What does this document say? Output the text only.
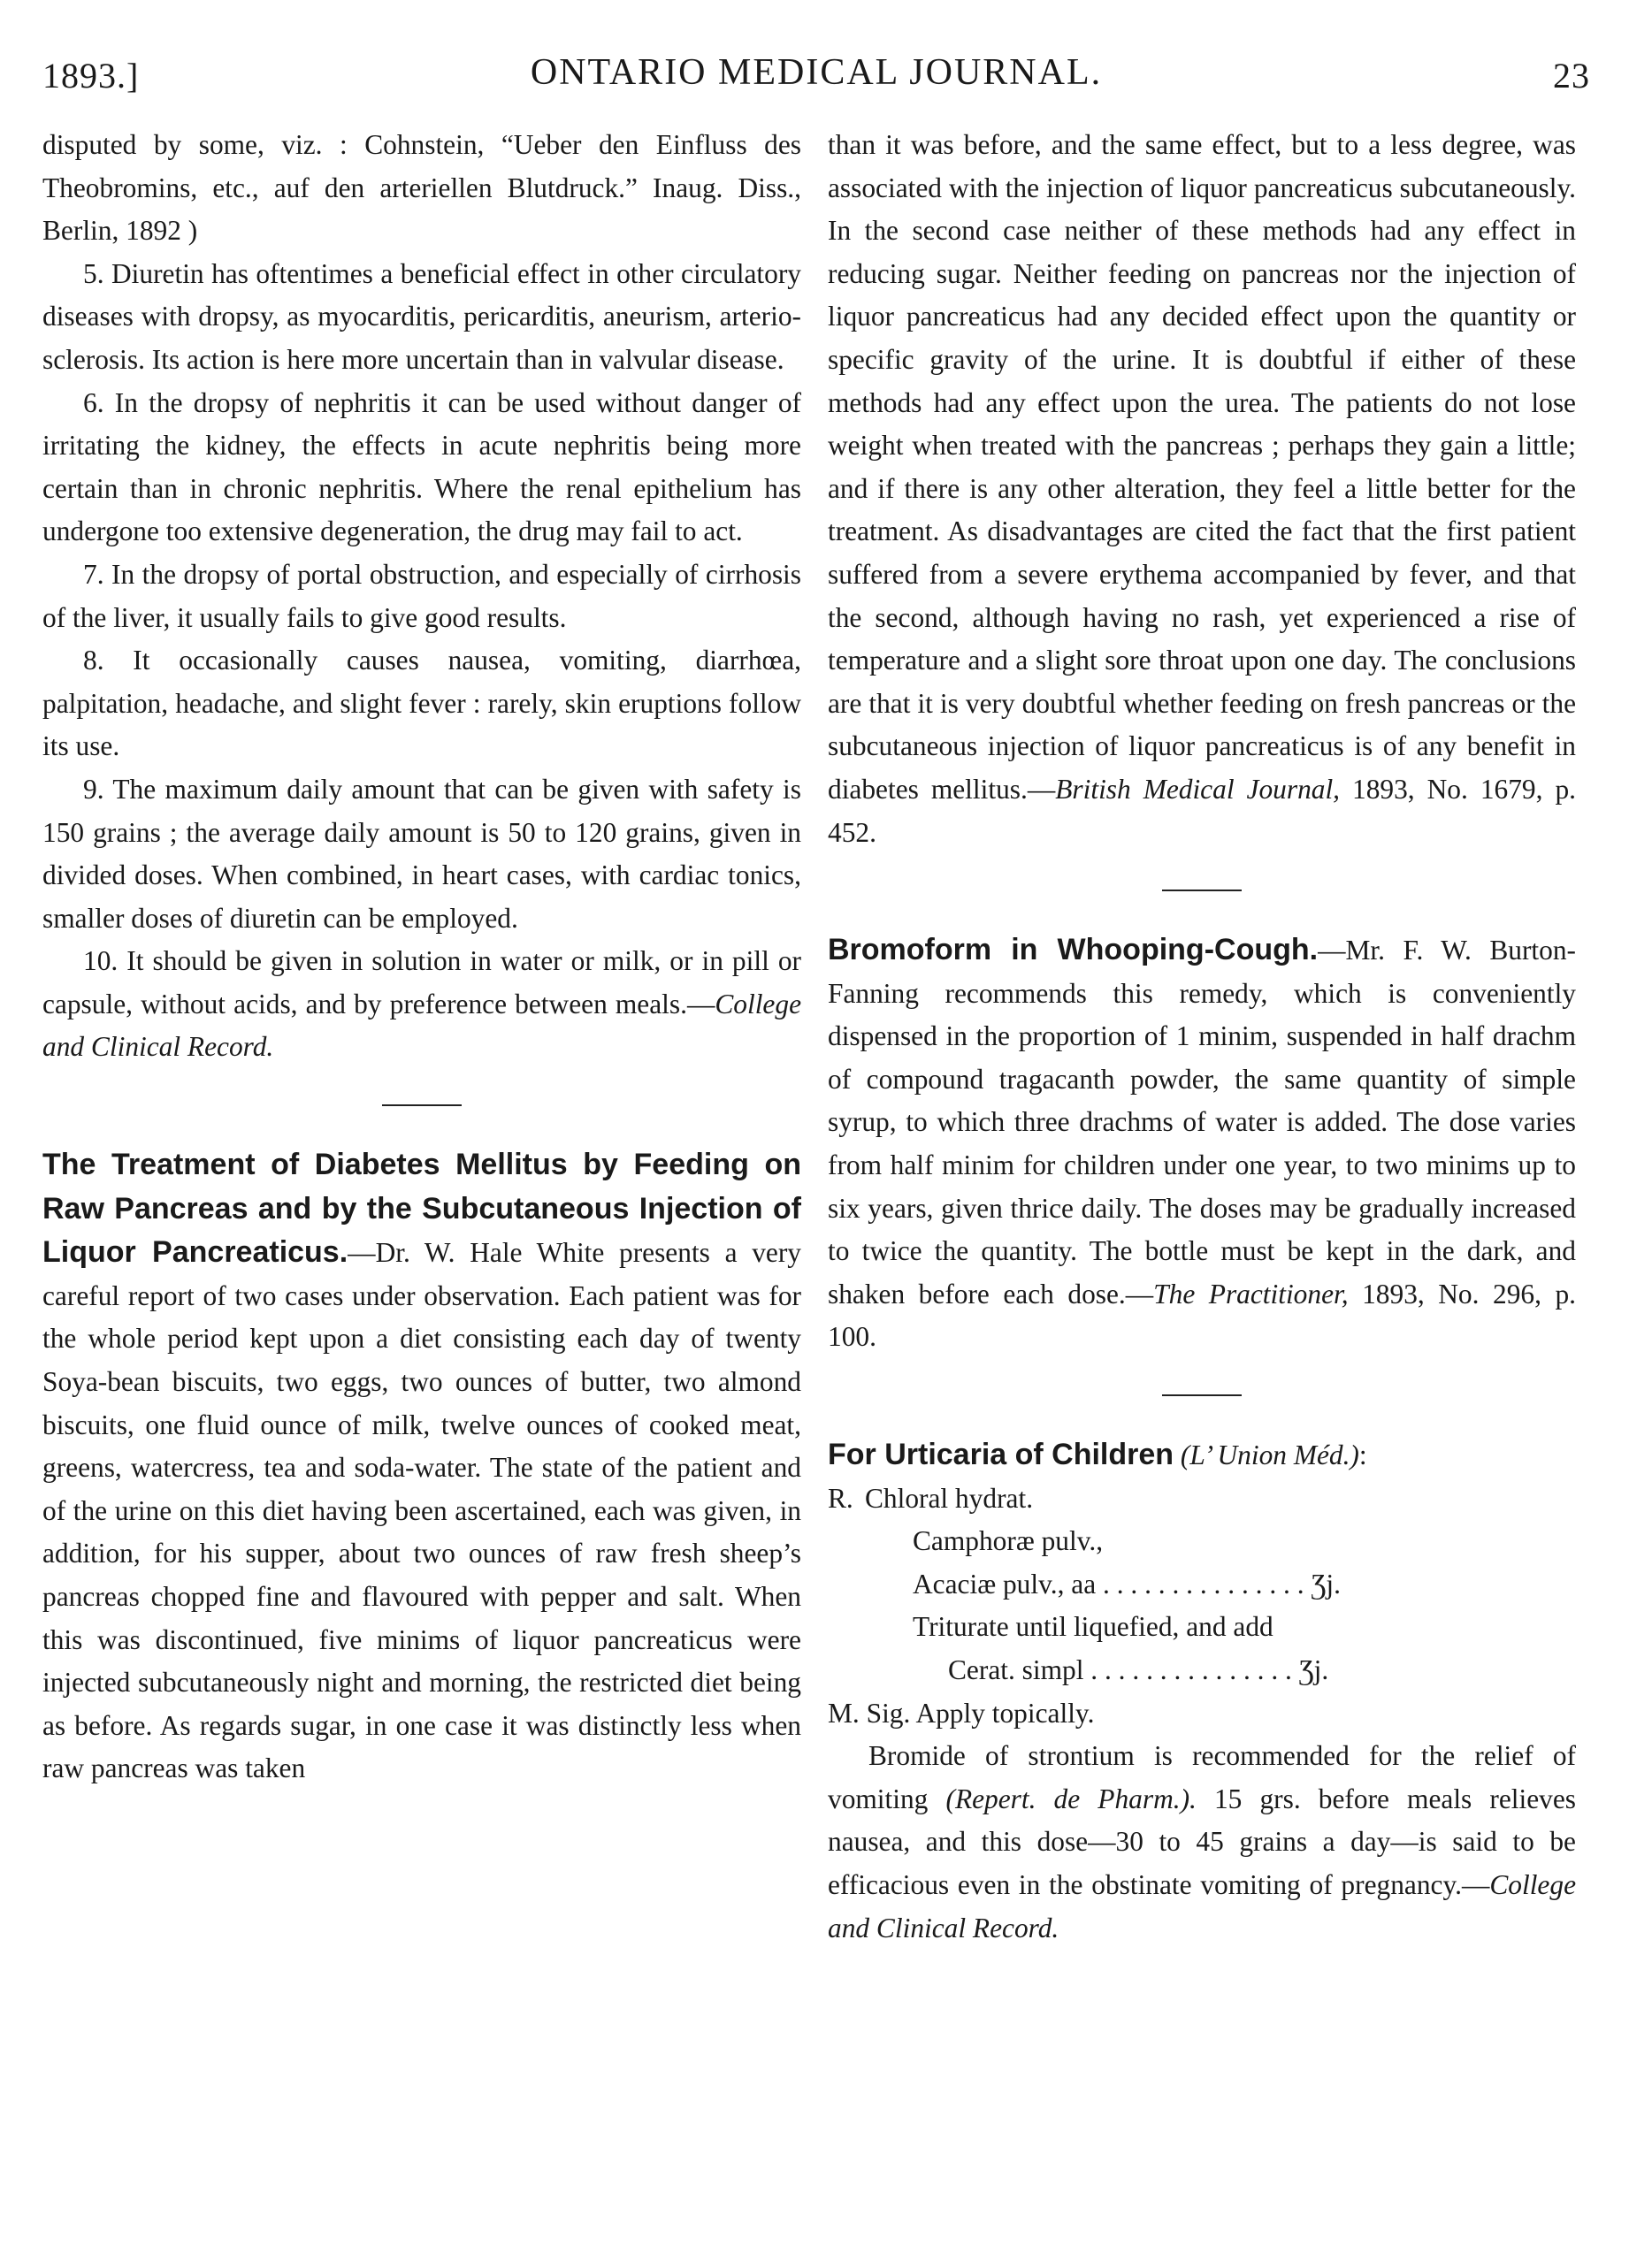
1893.]	ONTARIO MEDICAL JOURNAL.	23

disputed by some, viz. : Cohnstein, “Ueber den Einfluss des Theobromins, etc., auf den arteriellen Blutdruck.” Inaug. Diss., Berlin, 1892 )

5. Diuretin has oftentimes a beneficial effect in other circulatory diseases with dropsy, as myocarditis, pericarditis, aneurism, arterio-sclerosis. Its action is here more uncertain than in valvular disease.

6. In the dropsy of nephritis it can be used without danger of irritating the kidney, the effects in acute nephritis being more certain than in chronic nephritis. Where the renal epithelium has undergone too extensive degeneration, the drug may fail to act.

7. In the dropsy of portal obstruction, and especially of cirrhosis of the liver, it usually fails to give good results.

8. It occasionally causes nausea, vomiting, diarrhœa, palpitation, headache, and slight fever : rarely, skin eruptions follow its use.

9. The maximum daily amount that can be given with safety is 150 grains ; the average daily amount is 50 to 120 grains, given in divided doses. When combined, in heart cases, with cardiac tonics, smaller doses of diuretin can be employed.

10. It should be given in solution in water or milk, or in pill or capsule, without acids, and by preference between meals.—College and Clinical Record.

The Treatment of Diabetes Mellitus by Feeding on Raw Pancreas and by the Subcutaneous Injection of Liquor Pancreaticus.—Dr. W. Hale White presents a very careful report of two cases under observation. Each patient was for the whole period kept upon a diet consisting each day of twenty Soya-bean biscuits, two eggs, two ounces of butter, two almond biscuits, one fluid ounce of milk, twelve ounces of cooked meat, greens, watercress, tea and soda-water. The state of the patient and of the urine on this diet having been ascertained, each was given, in addition, for his supper, about two ounces of raw fresh sheep’s pancreas chopped fine and flavoured with pepper and salt. When this was discontinued, five minims of liquor pancreaticus were injected subcutaneously night and morning, the restricted diet being as before. As regards sugar, in one case it was distinctly less when raw pancreas was taken

than it was before, and the same effect, but to a less degree, was associated with the injection of liquor pancreaticus subcutaneously. In the second case neither of these methods had any effect in reducing sugar. Neither feeding on pancreas nor the injection of liquor pancreaticus had any decided effect upon the quantity or specific gravity of the urine. It is doubtful if either of these methods had any effect upon the urea. The patients do not lose weight when treated with the pancreas ; perhaps they gain a little; and if there is any other alteration, they feel a little better for the treatment. As disadvantages are cited the fact that the first patient suffered from a severe erythema accompanied by fever, and that the second, although having no rash, yet experienced a rise of temperature and a slight sore throat upon one day. The conclusions are that it is very doubtful whether feeding on fresh pancreas or the subcutaneous injection of liquor pancreaticus is of any benefit in diabetes mellitus.—British Medical Journal, 1893, No. 1679, p. 452.

Bromoform in Whooping-Cough.—Mr. F. W. Burton-Fanning recommends this remedy, which is conveniently dispensed in the proportion of 1 minim, suspended in half drachm of compound tragacanth powder, the same quantity of simple syrup, to which three drachms of water is added. The dose varies from half minim for children under one year, to two minims up to six years, given thrice daily. The doses may be gradually increased to twice the quantity. The bottle must be kept in the dark, and shaken before each dose.—The Practitioner, 1893, No. 296, p. 100.

For Urticaria of Children (L’ Union Méd.):

R. Chloral hydrat.
Camphoræ pulv.,
Acaciæ pulv., aa . . . . . . . . . . . . . . . Ʒj.
Triturate until liquefied, and add
Cerat. simpl . . . . . . . . . . . . . . . Ʒj.

M. Sig. Apply topically.

Bromide of strontium is recommended for the relief of vomiting (Repert. de Pharm.). 15 grs. before meals relieves nausea, and this dose—30 to 45 grains a day—is said to be efficacious even in the obstinate vomiting of pregnancy.—College and Clinical Record.
